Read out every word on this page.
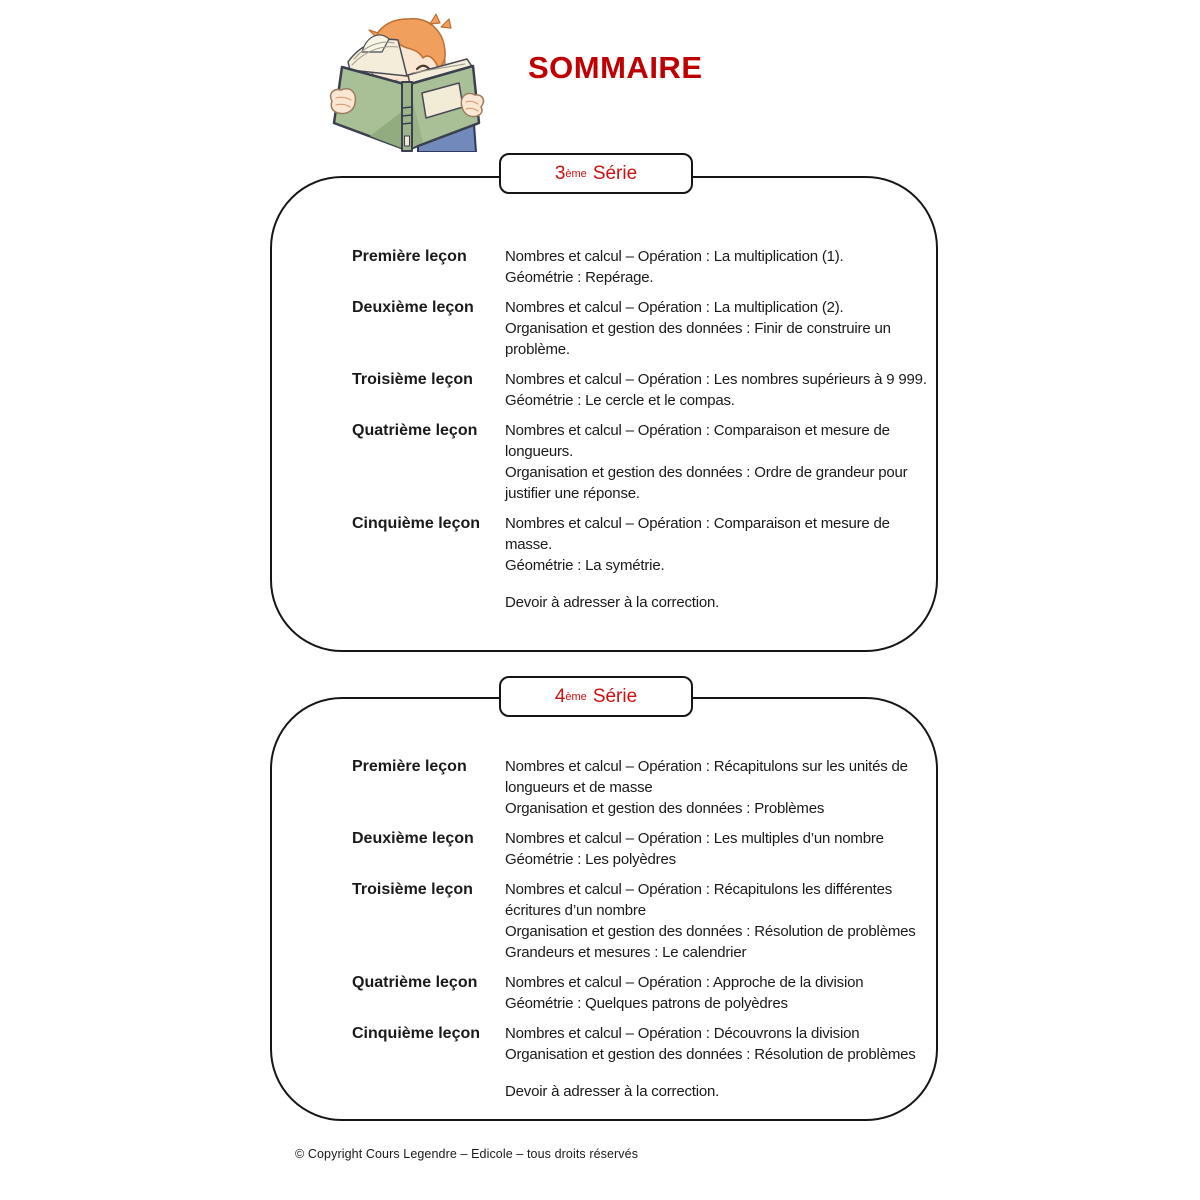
SOMMAIRE
3 ème Série
Première leçon	Nombres et calcul – Opération : La multiplication (1).
Géométrie : Repérage.
Deuxième leçon	Nombres et calcul – Opération : La multiplication (2).
Organisation et gestion des données : Finir de construire un problème.
Troisième leçon	Nombres et calcul – Opération : Les nombres supérieurs à 9 999.
Géométrie : Le cercle et le compas.
Quatrième leçon	Nombres et calcul – Opération : Comparaison et mesure de longueurs.
Organisation et gestion des données : Ordre de grandeur pour justifier une réponse.
Cinquième leçon	Nombres et calcul – Opération : Comparaison et mesure de masse.
Géométrie : La symétrie.
Devoir à adresser à la correction.
4 ème Série
Première leçon	Nombres et calcul – Opération : Récapitulons sur les unités de longueurs et de masse
Organisation et gestion des données : Problèmes
Deuxième leçon	Nombres et calcul – Opération : Les multiples d’un nombre
Géométrie : Les polyèdres
Troisième leçon	Nombres et calcul – Opération : Récapitulons les différentes écritures d’un nombre
Organisation et gestion des données : Résolution de problèmes
Grandeurs et mesures : Le calendrier
Quatrième leçon	Nombres et calcul – Opération : Approche de la division
Géométrie : Quelques patrons de polyèdres
Cinquième leçon	Nombres et calcul – Opération : Découvrons la division
Organisation et gestion des données : Résolution de problèmes
Devoir à adresser à la correction.
© Copyright Cours Legendre – Edicole – tous droits réservés
